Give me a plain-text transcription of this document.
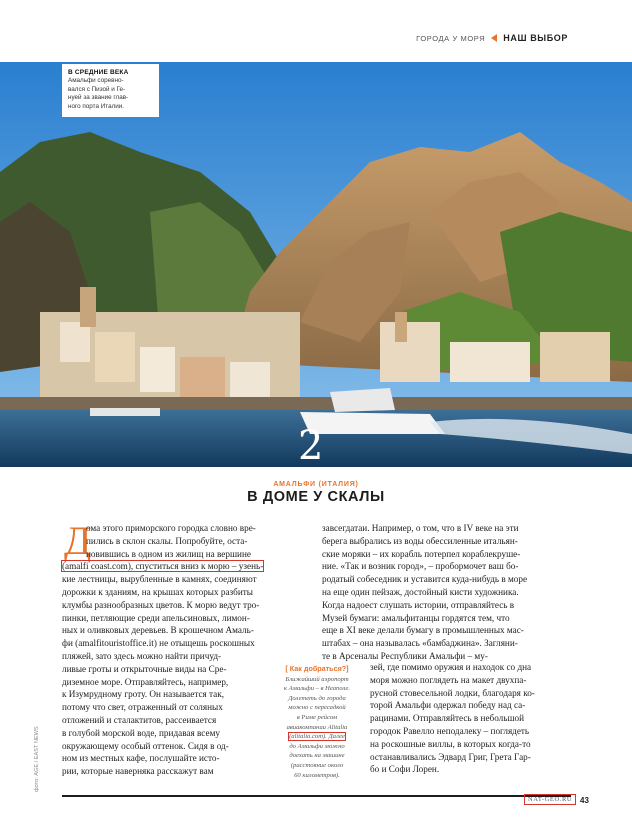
ГОРОДА У МОРЯ НАШ ВЫБОР
В СРЕДНИЕ ВЕКА
Амальфи соревно-
вался с Пизой и Ге-
нуей за звание глав-
ного порта Италии.
2
АМАЛЬФИ (ИТАЛИЯ)
В ДОМЕ У СКАЛЫ
Д
ома этого приморского городка словно вре-
пились в склон скалы. Попробуйте, оста-
новившись в одном из жилищ на вершине
(amalfi coast.com), спуститься вниз к морю – узень-
кие лестницы, вырубленные в камнях, соединяют
дорожки к зданиям, на крышах которых разбиты
клумбы разнообразных цветов. К морю ведут тро-
пинки, петляющие среди апельсиновых, лимон-
ных и оливковых деревьев. В крошечном Амаль-
фи (amalfitouristoffice.it) не отыщешь роскошных
пляжей, зато здесь можно найти причуд-
ливые гроты и открыточные виды на Сре-
диземное море. Отправляйтесь, например,
к Изумрудному гроту. Он называется так,
потому что свет, отраженный от соляных
отложений и сталактитов, рассеивается
в голубой морской воде, придавая всему
окружающему особый оттенок. Сидя в од-
ном из местных кафе, послушайте исто-
рии, которые наверняка расскажут вам
завсегдатаи. Например, о том, что в IV веке на эти
берега выбрались из воды обессиленные итальян-
ские моряки – их корабль потерпел кораблекруше-
ние. «Так и возник город», – пробормочет ваш бо-
родатый собеседник и уставится куда-нибудь в море
на еще один пейзаж, достойный кисти художника.
Когда надоест слушать истории, отправляйтесь в
Музей бумаги: амальфитанцы гордятся тем, что
еще в XI веке делали бумагу в промышленных мас-
штабах – она называлась «бамбаджина». Загляни-
те в Арсеналы Республики Амальфи – му-
зей, где помимо оружия и находок со дна
моря можно поглядеть на макет двухпа-
русной стовесельной лодки, благодаря ко-
торой Амальфи одержал победу над са-
рацинами. Отправляйтесь в небольшой
городок Равелло неподалеку – поглядеть
на роскошные виллы, в которых когда-то
останавливались Эдвард Григ, Грета Гар-
бо и Софи Лорен.
[ Как добраться?]
Ближайший аэропорт
к Амальфи – в Неаполе.
Долететь до города
можно с пересадкой
в Риме рейсом
авиакомпании Alitalia
(alitalia.com). Далее
до Амальфи можно
доехать на машине
(расстояние около
60 километров).
фото: AGE / EAST NEWS
NAT-GEO.RU 43
